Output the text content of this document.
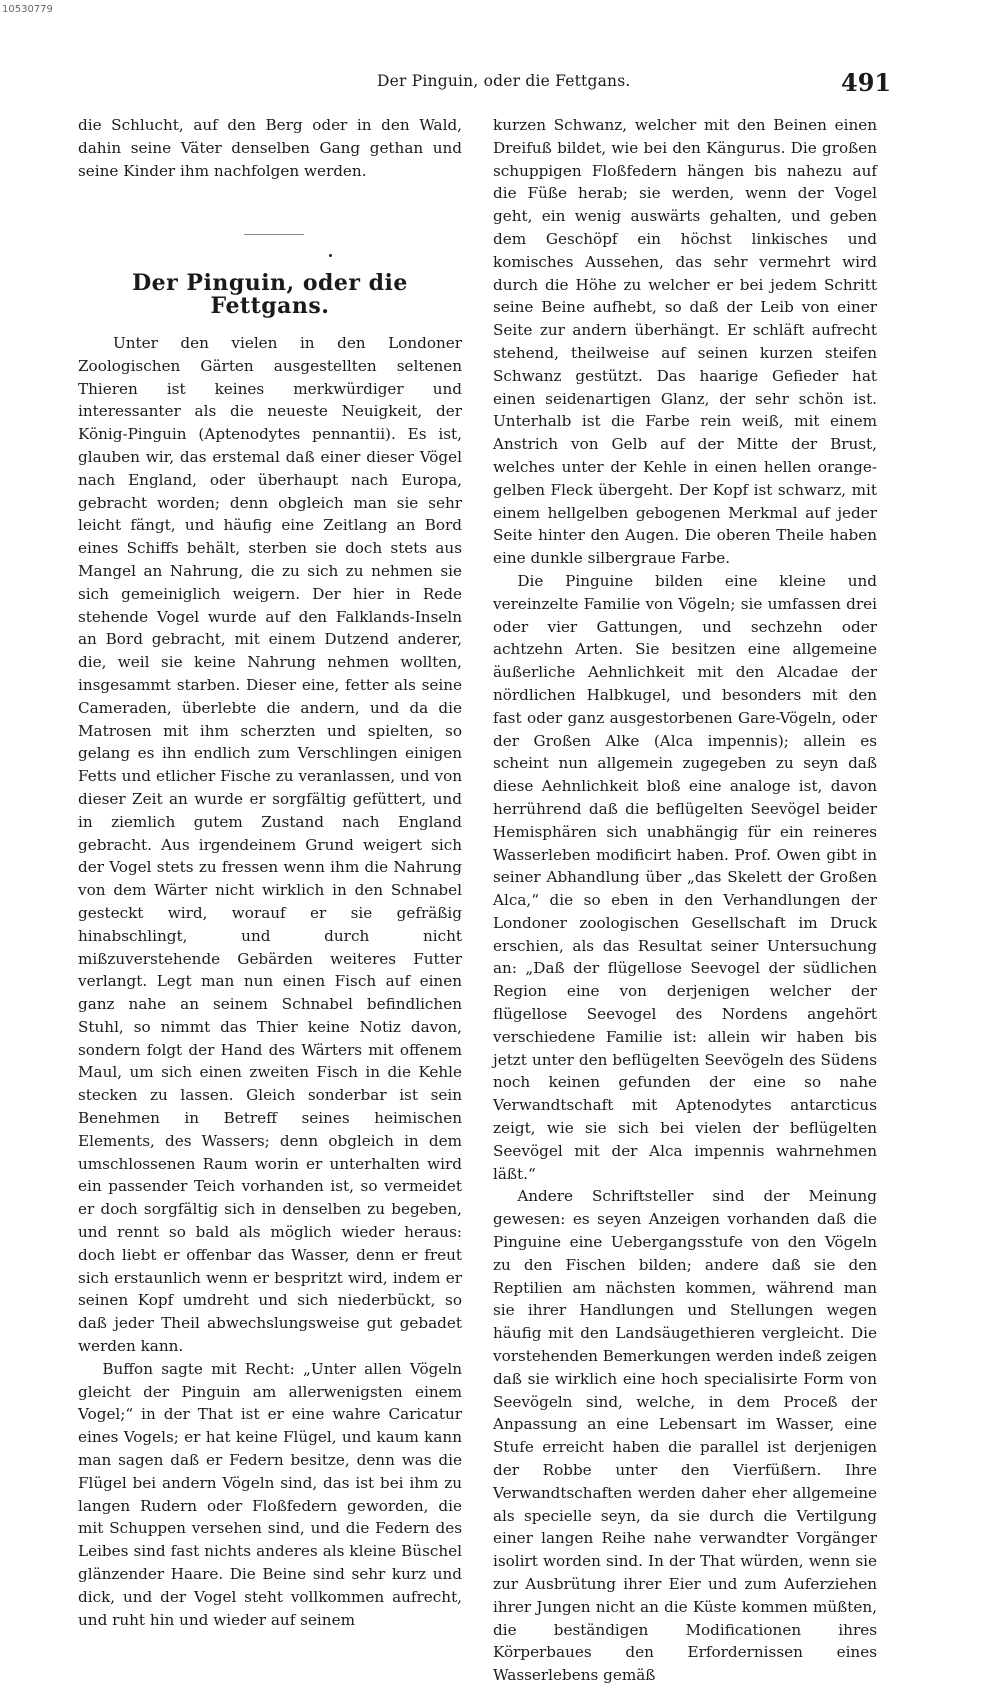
10530779
Der Pinguin, oder die Fettgans.	491

die Schlucht, auf den Berg oder in den Wald, dahin seine Väter denselben Gang gethan und seine Kinder ihm nachfolgen werden.

Der Pinguin, oder die Fettgans.

Unter den vielen in den Londoner Zoologischen Gärten ausgestellten seltenen Thieren ist keines merkwürdiger und interessanter als die neueste Neuigkeit, der König-Pinguin (Aptenodytes pennantii). Es ist, glauben wir, das erstemal daß einer dieser Vögel nach England, oder überhaupt nach Europa, gebracht worden; denn obgleich man sie sehr leicht fängt, und häufig eine Zeitlang an Bord eines Schiffs behält, sterben sie doch stets aus Mangel an Nahrung, die zu sich zu nehmen sie sich gemeiniglich weigern. Der hier in Rede stehende Vogel wurde auf den Falklands-Inseln an Bord gebracht, mit einem Dutzend anderer, die, weil sie keine Nahrung nehmen wollten, insgesammt starben. Dieser eine, fetter als seine Cameraden, überlebte die andern, und da die Matrosen mit ihm scherzten und spielten, so gelang es ihn endlich zum Verschlingen einigen Fetts und etlicher Fische zu veranlassen, und von dieser Zeit an wurde er sorgfältig gefüttert, und in ziemlich gutem Zustand nach England gebracht. Aus irgendeinem Grund weigert sich der Vogel stets zu fressen wenn ihm die Nahrung von dem Wärter nicht wirklich in den Schnabel gesteckt wird, worauf er sie gefräßig hinabschlingt, und durch nicht mißzuverstehende Gebärden weiteres Futter verlangt. Legt man nun einen Fisch auf einen ganz nahe an seinem Schnabel befindlichen Stuhl, so nimmt das Thier keine Notiz davon, sondern folgt der Hand des Wärters mit offenem Maul, um sich einen zweiten Fisch in die Kehle stecken zu lassen. Gleich sonderbar ist sein Benehmen in Betreff seines heimischen Elements, des Wassers; denn obgleich in dem umschlossenen Raum worin er unterhalten wird ein passender Teich vorhanden ist, so vermeidet er doch sorgfältig sich in denselben zu begeben, und rennt so bald als möglich wieder heraus: doch liebt er offenbar das Wasser, denn er freut sich erstaunlich wenn er bespritzt wird, indem er seinen Kopf umdreht und sich niederbückt, so daß jeder Theil abwechslungsweise gut gebadet werden kann.

Buffon sagte mit Recht: „Unter allen Vögeln gleicht der Pinguin am allerwenigsten einem Vogel;“ in der That ist er eine wahre Caricatur eines Vogels; er hat keine Flügel, und kaum kann man sagen daß er Federn besitze, denn was die Flügel bei andern Vögeln sind, das ist bei ihm zu langen Rudern oder Floßfedern geworden, die mit Schuppen versehen sind, und die Federn des Leibes sind fast nichts anderes als kleine Büschel glänzender Haare. Die Beine sind sehr kurz und dick, und der Vogel steht vollkommen aufrecht, und ruht hin und wieder auf seinem

kurzen Schwanz, welcher mit den Beinen einen Dreifuß bildet, wie bei den Kängurus. Die großen schuppigen Floßfedern hängen bis nahezu auf die Füße herab; sie werden, wenn der Vogel geht, ein wenig auswärts gehalten, und geben dem Geschöpf ein höchst linkisches und komisches Aussehen, das sehr vermehrt wird durch die Höhe zu welcher er bei jedem Schritt seine Beine aufhebt, so daß der Leib von einer Seite zur andern überhängt. Er schläft aufrecht stehend, theilweise auf seinen kurzen steifen Schwanz gestützt. Das haarige Gefieder hat einen seidenartigen Glanz, der sehr schön ist. Unterhalb ist die Farbe rein weiß, mit einem Anstrich von Gelb auf der Mitte der Brust, welches unter der Kehle in einen hellen orange-gelben Fleck übergeht. Der Kopf ist schwarz, mit einem hellgelben gebogenen Merkmal auf jeder Seite hinter den Augen. Die oberen Theile haben eine dunkle silbergraue Farbe.

Die Pinguine bilden eine kleine und vereinzelte Familie von Vögeln; sie umfassen drei oder vier Gattungen, und sechzehn oder achtzehn Arten. Sie besitzen eine allgemeine äußerliche Aehnlichkeit mit den Alcadae der nördlichen Halbkugel, und besonders mit den fast oder ganz ausgestorbenen Gare-Vögeln, oder der Großen Alke (Alca impennis); allein es scheint nun allgemein zugegeben zu seyn daß diese Aehnlichkeit bloß eine analoge ist, davon herrührend daß die beflügelten Seevögel beider Hemisphären sich unabhängig für ein reineres Wasserleben modificirt haben. Prof. Owen gibt in seiner Abhandlung über „das Skelett der Großen Alca,“ die so eben in den Verhandlungen der Londoner zoologischen Gesellschaft im Druck erschien, als das Resultat seiner Untersuchung an: „Daß der flügellose Seevogel der südlichen Region eine von derjenigen welcher der flügellose Seevogel des Nordens angehört verschiedene Familie ist: allein wir haben bis jetzt unter den beflügelten Seevögeln des Südens noch keinen gefunden der eine so nahe Verwandtschaft mit Aptenodytes antarcticus zeigt, wie sie sich bei vielen der beflügelten Seevögel mit der Alca impennis wahrnehmen läßt.“

Andere Schriftsteller sind der Meinung gewesen: es seyen Anzeigen vorhanden daß die Pinguine eine Uebergangsstufe von den Vögeln zu den Fischen bilden; andere daß sie den Reptilien am nächsten kommen, während man sie ihrer Handlungen und Stellungen wegen häufig mit den Landsäugethieren vergleicht. Die vorstehenden Bemerkungen werden indeß zeigen daß sie wirklich eine hoch specialisirte Form von Seevögeln sind, welche, in dem Proceß der Anpassung an eine Lebensart im Wasser, eine Stufe erreicht haben die parallel ist derjenigen der Robbe unter den Vierfüßern. Ihre Verwandtschaften werden daher eher allgemeine als specielle seyn, da sie durch die Vertilgung einer langen Reihe nahe verwandter Vorgänger isolirt worden sind. In der That würden, wenn sie zur Ausbrütung ihrer Eier und zum Auferziehen ihrer Jungen nicht an die Küste kommen müßten, die beständigen Modificationen ihres Körperbaues den Erfordernissen eines Wasserlebens gemäß
